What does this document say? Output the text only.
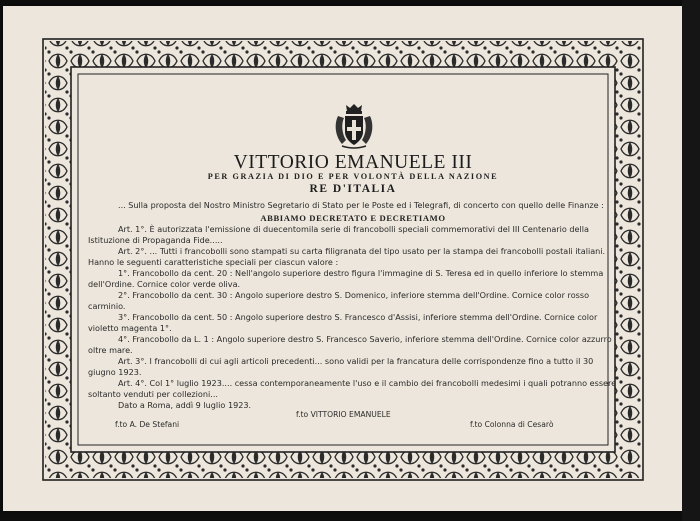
VITTORIO EMANUELE III
PER GRAZIA DI DIO E PER VOLONTÀ DELLA NAZIONE
RE D'ITALIA
... Sulla proposta del Nostro Ministro Segretario di Stato per le Poste ed i Telegrafi, di concerto con quello delle Finanze :
ABBIAMO DECRETATO E DECRETIAMO
Art. 1°. È autorizzata l'emissione di duecentomila serie di francobolli speciali commemorativi del III Centenario della Istituzione di Propaganda Fide.....
Art. 2°. ... Tutti i francobolli sono stampati su carta filigranata del tipo usato per la stampa dei francobolli postali italiani. Hanno le seguenti caratteristiche speciali per ciascun valore :
1°. Francobollo da cent. 20 : Nell'angolo superiore destro figura l'immagine di S. Teresa ed in quello inferiore lo stemma dell'Ordine. Cornice color verde oliva.
2°. Francobollo da cent. 30 : Angolo superiore destro S. Domenico, inferiore stemma dell'Ordine. Cornice color rosso carminio.
3°. Francobollo da cent. 50 : Angolo superiore destro S. Francesco d'Assisi, inferiore stemma dell'Ordine. Cornice color violetto magenta 1°.
4°. Francobollo da L. 1 : Angolo superiore destro S. Francesco Saverio, inferiore stemma dell'Ordine. Cornice color azzurro oltre mare.
Art. 3°. I francobolli di cui agli articoli precedenti... sono validi per la francatura delle corrispondenze fino a tutto il 30 giugno 1923.
Art. 4°. Col 1° luglio 1923.... cessa contemporaneamente l'uso e il cambio dei francobolli medesimi i quali potranno essere soltanto venduti per collezioni...
Dato a Roma, addì 9 luglio 1923.
f.to A. De Stefani
f.to VITTORIO EMANUELE
f.to Colonna di Cesarò
